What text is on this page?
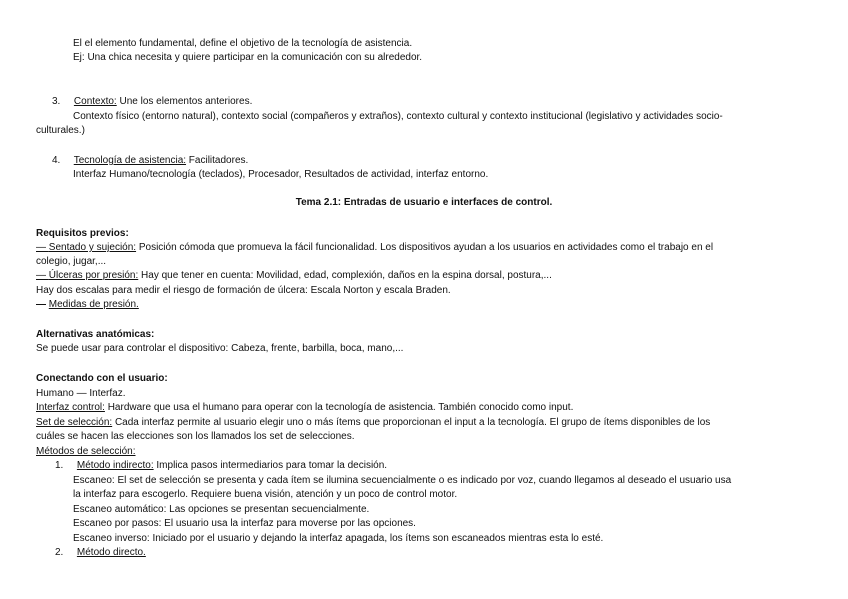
El el elemento fundamental, define el objetivo de la tecnología de asistencia.
Ej: Una chica necesita y quiere participar en la comunicación con su alrededor.
3. Contexto: Une los elementos anteriores.
Contexto físico (entorno natural), contexto social (compañeros y extraños), contexto cultural y contexto institucional (legislativo y actividades socio-
culturales.)
4. Tecnología de asistencia: Facilitadores.
Interfaz Humano/tecnología (teclados), Procesador, Resultados de actividad, interfaz entorno.
Tema 2.1: Entradas de usuario e interfaces de control.
Requisitos previos:
— Sentado y sujeción: Posición cómoda que promueva la fácil funcionalidad. Los dispositivos ayudan a los usuarios en actividades como el trabajo en el
colegio, jugar,...
— Úlceras por presión: Hay que tener en cuenta: Movilidad, edad, complexión, daños en la espina dorsal, postura,...
Hay dos escalas para medir el riesgo de formación de úlcera: Escala Norton y escala Braden.
— Medidas de presión.
Alternativas anatómicas:
Se puede usar para controlar el dispositivo: Cabeza, frente, barbilla, boca, mano,...
Conectando con el usuario:
Humano — Interfaz.
Interfaz control: Hardware que usa el humano para operar con la tecnología de asistencia. También conocido como input.
Set de selección: Cada interfaz permite al usuario elegir uno o más ítems que proporcionan el input a la tecnología. El grupo de ítems disponibles de los
cuáles se hacen las elecciones son los llamados los set de selecciones.
Métodos de selección:
1. Método indirecto: Implica pasos intermediarios para tomar la decisión.
Escaneo: El set de selección se presenta y cada ítem se ilumina secuencialmente o es indicado por voz, cuando llegamos al deseado el usuario usa
la interfaz para escogerlo. Requiere buena visión, atención y un poco de control motor.
Escaneo automático: Las opciones se presentan secuencialmente.
Escaneo por pasos: El usuario usa la interfaz para moverse por las opciones.
Escaneo inverso: Iniciado por el usuario y dejando la interfaz apagada, los ítems son escaneados mientras esta lo esté.
2. Método directo.
